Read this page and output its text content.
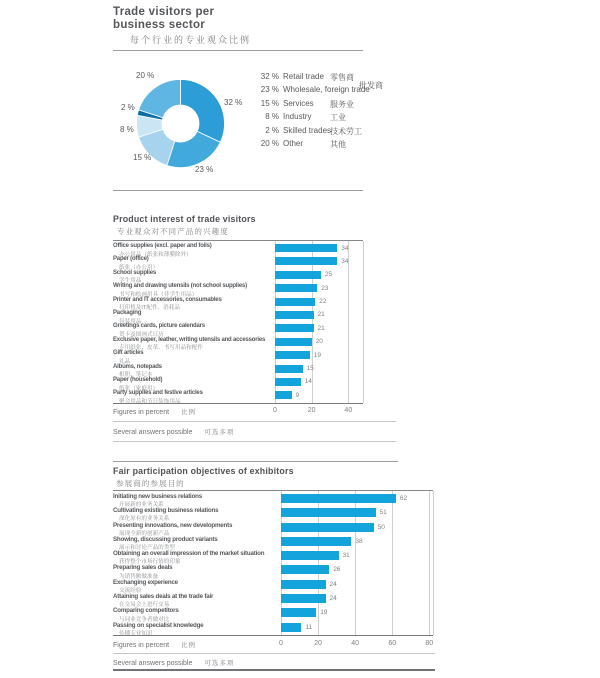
Trade visitors per
business sector
每个行业的专业观众比例
32 % Retail trade 零售商
23 % Wholesale, foreign trade
批发商
15 % Services 服务业
8 % Industry 工业
2 % Skilled trades
技术劳工
20 % Other	其他
Product interest of trade visitors
专业观众对不同产品的兴趣度
Office supplies (excl. paper and foils)
办公用品（纸张和薄膜除外）
34
Paper (office)
纸张（办公用）
34
School supplies
学生用品
25
Writing and drawing utensils (not school supplies)
书写和绘画用具（非学生用品）
23
Printer and IT accessories, consumables
打印机及IT配件、消耗品
22
Packaging
包装用品
21
Greetings cards, picture calendars
贺卡及图画式日历
21
Exclusive paper, leather, writing utensils and accessories
专用纸张、皮革、书写用品和配件
20
Gift articles
礼品
19
Albums, notepads
相册、笔记本
15
Paper (household)
纸张（家庭用）
14
Party supplies and festive articles
聚会用品和节日装饰用品
9
Figures in percent 比例	0	20	40
Several answers possible 可选多项
Fair participation objectives of exhibitors
参展商的参展目的
Initiating new business relations
开展新的业务关系
62
Cultivating existing business relations
深化原有的业务关系
51
Presenting innovations, new developments
展现全新的创新产品
50
Showing, discussing product variants
展示和讨论产品的类型
38
Obtaining an overall impression of the market situation
获得整个市场行情的印象
31
Preparing sales deals
为销售额做准备
26
Exchanging experience
交流经验
24
Attaining sales deals at the trade fair
在交易会上进行交易
24
Comparing competitors
与同业竞争者做对比
19
Passing on specialist knowledge
传播专业知识
11
Figures in percent 比例	0	20	40	60	80
Several answers possible 可选多项
32 %
23 %
15 %
8 %
2 %
20 %
